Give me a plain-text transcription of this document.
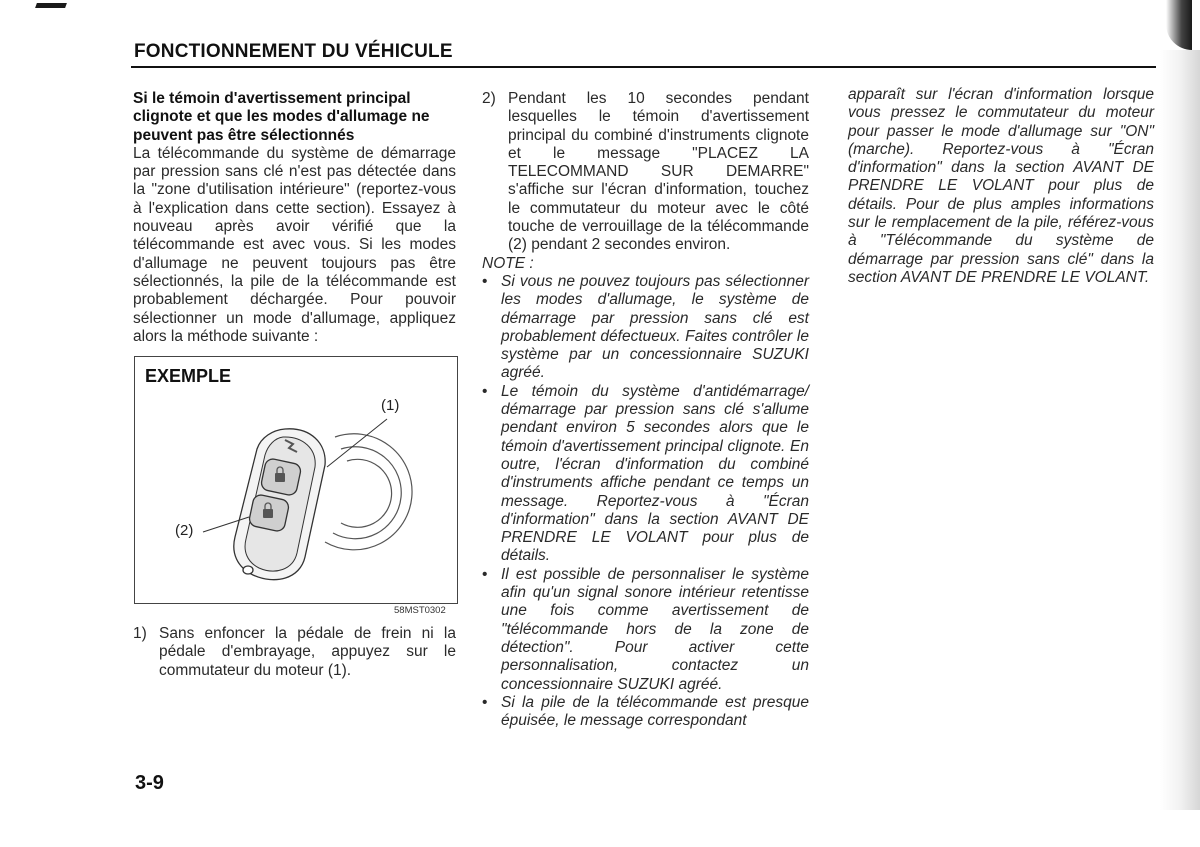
FONCTIONNEMENT DU VÉHICULE

Si le témoin d'avertissement principal clignote et que les modes d'allumage ne peuvent pas être sélectionnés

La télécommande du système de démarrage par pression sans clé n'est pas détectée dans la "zone d'utilisation intérieure" (reportez-vous à l'explication dans cette section). Essayez à nouveau après avoir vérifié que la télécommande est avec vous. Si les modes d'allumage ne peuvent toujours pas être sélectionnés, la pile de la télécommande est probablement déchargée. Pour pouvoir sélectionner un mode d'allumage, appliquez alors la méthode suivante :

EXEMPLE
(1)
(2)
58MST0302
1) Sans enfoncer la pédale de frein ni la pédale d'embrayage, appuyez sur le commutateur du moteur (1).
2) Pendant les 10 secondes pendant lesquelles le témoin d'avertissement principal du combiné d'instruments clignote et le message "PLACEZ LA TELECOMMAND SUR DEMARRE" s'affiche sur l'écran d'information, touchez le commutateur du moteur avec le côté touche de verrouillage de la télécommande (2) pendant 2 secondes environ.

NOTE :

• Si vous ne pouvez toujours pas sélectionner les modes d'allumage, le système de démarrage par pression sans clé est probablement défectueux. Faites contrôler le système par un concessionnaire SUZUKI agréé.
• Le témoin du système d'antidémarrage/ démarrage par pression sans clé s'allume pendant environ 5 secondes alors que le témoin d'avertissement principal clignote. En outre, l'écran d'information du combiné d'instruments affiche pendant ce temps un message. Reportez-vous à "Écran d'information" dans la section AVANT DE PRENDRE LE VOLANT pour plus de détails.
• Il est possible de personnaliser le système afin qu'un signal sonore intérieur retentisse une fois comme avertissement de "télécommande hors de la zone de détection". Pour activer cette personnalisation, contactez un concessionnaire SUZUKI agréé.
• Si la pile de la télécommande est presque épuisée, le message correspondant

apparaît sur l'écran d'information lorsque vous pressez le commutateur du moteur pour passer le mode d'allumage sur "ON" (marche). Reportez-vous à "Écran d'information" dans la section AVANT DE PRENDRE LE VOLANT pour plus de détails. Pour de plus amples informations sur le remplacement de la pile, référez-vous à "Télécommande du système de démarrage par pression sans clé" dans la section AVANT DE PRENDRE LE VOLANT.

3-9
